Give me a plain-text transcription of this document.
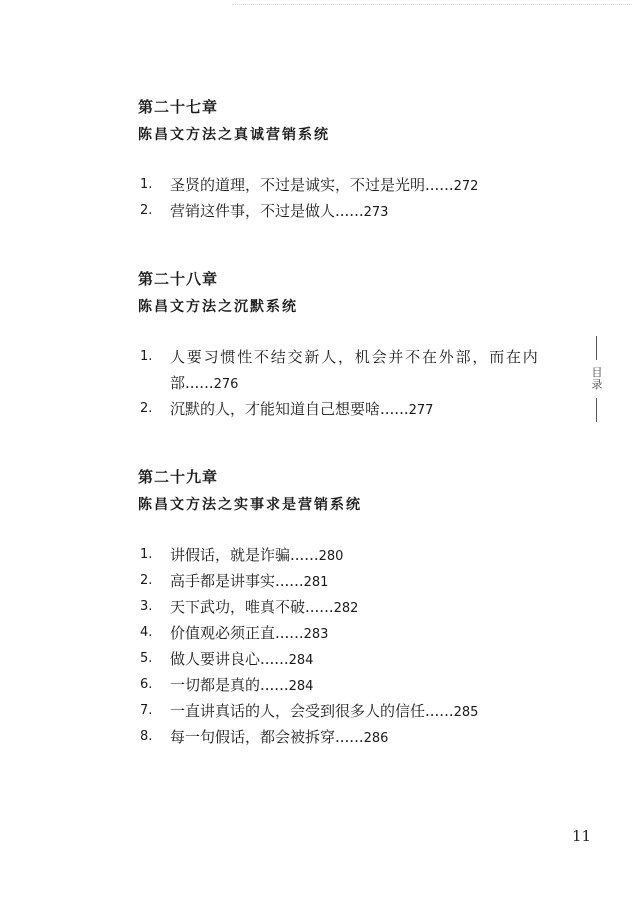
第二十七章
陈昌文方法之真诚营销系统
1. 圣贤的道理，不过是诚实，不过是光明......272
2. 营销这件事，不过是做人......273
第二十八章
陈昌文方法之沉默系统
1. 人要习惯性不结交新人，机会并不在外部，而在内
部......276
2. 沉默的人，才能知道自己想要啥......277
第二十九章
陈昌文方法之实事求是营销系统
1. 讲假话，就是诈骗......280
2. 高手都是讲事实......281
3. 天下武功，唯真不破......282
4. 价值观必须正直......283
5. 做人要讲良心......284
6. 一切都是真的......284
7. 一直讲真话的人，会受到很多人的信任......285
8. 每一句假话，都会被拆穿......286
目录
11
